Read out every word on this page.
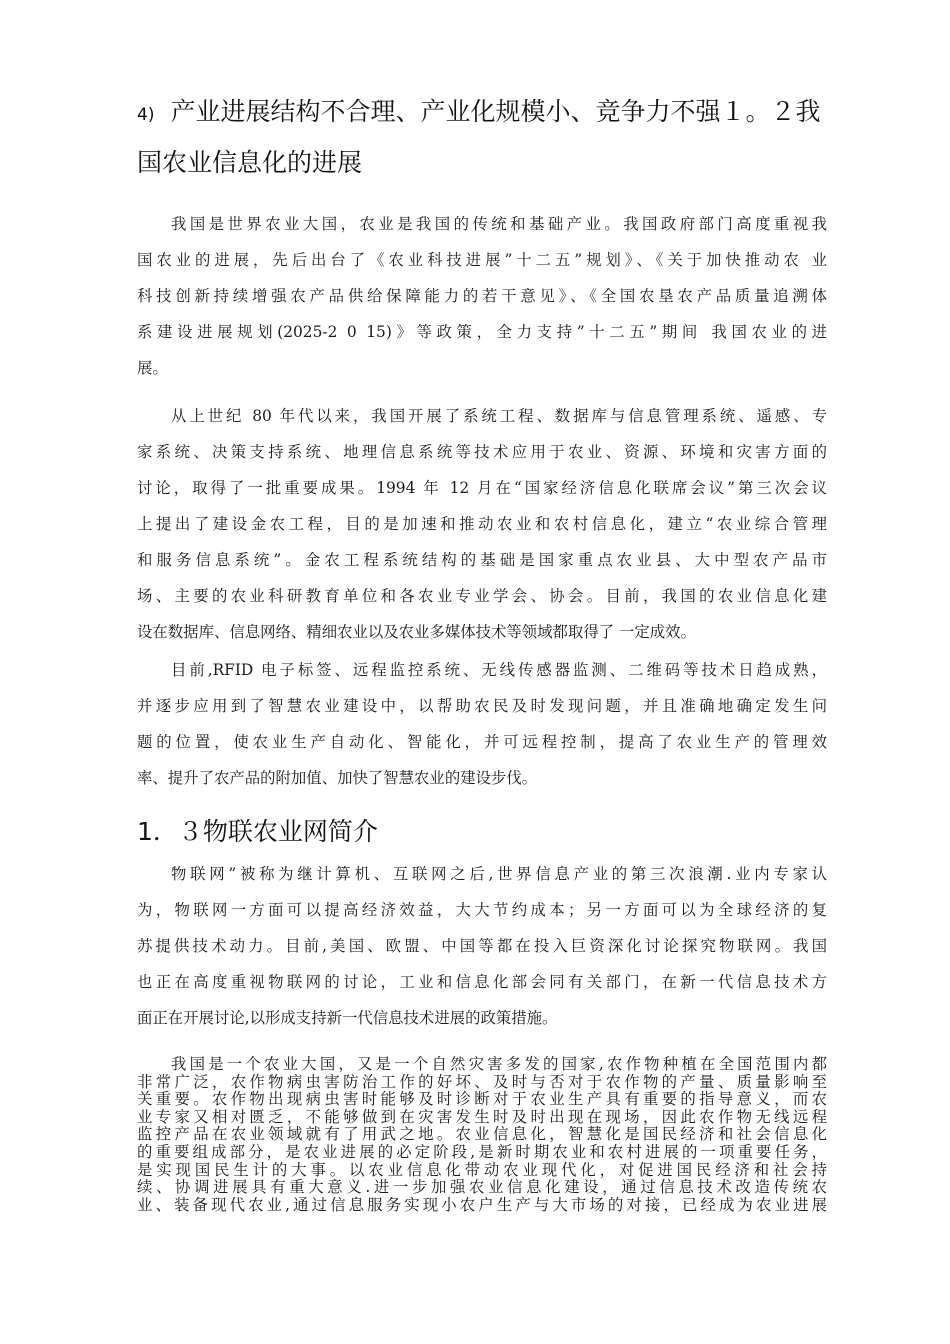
4) 产业进展结构不合理、产业化规模小、竞争力不强１。２我
国农业信息化的进展
我国是世界农业大国，农业是我国的传统和基础产业。我国政府部门高度重视我
国农业的进展，先后出台了《农业科技进展”十二五”规划》、《关于加快推动农 业
科技创新持续增强农产品供给保障能力的若干意见》、《全国农垦农产品质量追溯体
系建设进展规划(2025-2 0 15)》等政策，全力支持”十二五”期间 我国农业的进
展。
从上世纪 80 年代以来，我国开展了系统工程、数据库与信息管理系统、遥感、专
家系统、决策支持系统、地理信息系统等技术应用于农业、资源、环境和灾害方面的
讨论，取得了一批重要成果。1994 年 12 月在“国家经济信息化联席会议”第三次会议
上提出了建设金农工程，目的是加速和推动农业和农村信息化，建立“农业综合管理
和服务信息系统”。金农工程系统结构的基础是国家重点农业县、大中型农产品市
场、主要的农业科研教育单位和各农业专业学会、协会。目前，我国的农业信息化建
设在数据库、信息网络、精细农业以及农业多媒体技术等领域都取得了 一定成效。
目前,RFID 电子标签、远程监控系统、无线传感器监测、二维码等技术日趋成熟，
并逐步应用到了智慧农业建设中，以帮助农民及时发现问题，并且准确地确定发生问
题的位置，使农业生产自动化、智能化，并可远程控制，提高了农业生产的管理效
率、提升了农产品的附加值、加快了智慧农业的建设步伐。
1．３物联农业网简介
物联网”被称为继计算机、互联网之后,世界信息产业的第三次浪潮.业内专家认
为，物联网一方面可以提高经济效益，大大节约成本；另一方面可以为全球经济的复
苏提供技术动力。目前,美国、欧盟、中国等都在投入巨资深化讨论探究物联网。我国
也正在高度重视物联网的讨论，工业和信息化部会同有关部门，在新一代信息技术方
面正在开展讨论,以形成支持新一代信息技术进展的政策措施。
我国是一个农业大国，又是一个自然灾害多发的国家,农作物种植在全国范围内都
非常广泛，农作物病虫害防治工作的好坏、及时与否对于农作物的产量、质量影响至
关重要。农作物出现病虫害时能够及时诊断对于农业生产具有重要的指导意义，而农
业专家又相对匮乏，不能够做到在灾害发生时及时出现在现场，因此农作物无线远程
监控产品在农业领域就有了用武之地。农业信息化，智慧化是国民经济和社会信息化
的重要组成部分，是农业进展的必定阶段,是新时期农业和农村进展的一项重要任务，
是实现国民生计的大事。以农业信息化带动农业现代化，对促进国民经济和社会持
续、协调进展具有重大意义.进一步加强农业信息化建设，通过信息技术改造传统农
业、装备现代农业,通过信息服务实现小农户生产与大市场的对接，已经成为农业进展
